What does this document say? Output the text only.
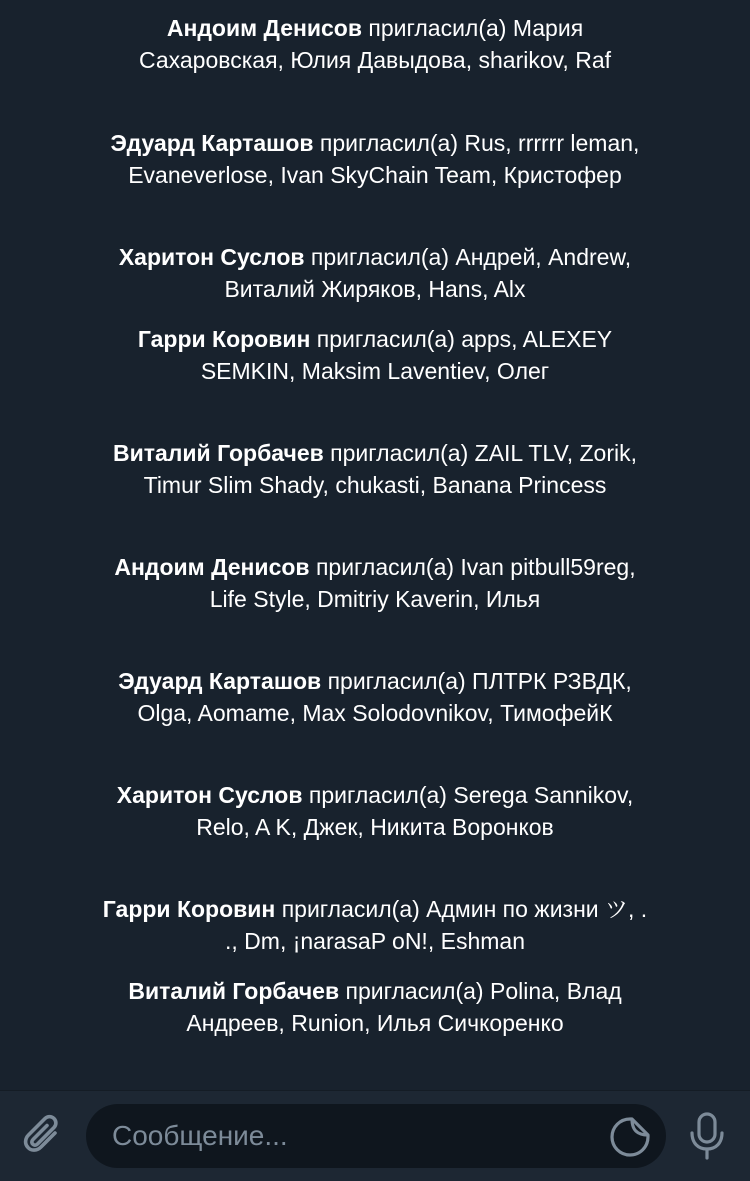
Андоим Денисов пригласил(а) Мария Сахаровская, Юлия Давыдова, sharikov, Raf
Эдуард Карташов пригласил(а) Rus, rrrrrr leman, Evaneverlose, Ivan SkyChain Team, Кристофер
Харитон Суслов пригласил(а) Андрей, Andrew, Виталий Жиряков, Hans, Alx
Гарри Коровин пригласил(а) apps, ALEXEY SEMKIN, Maksim Laventiev, Олег
Виталий Горбачев пригласил(а) ZAIL TLV, Zorik, Timur Slim Shady, chukasti, Banana Princess
Андоим Денисов пригласил(а) Ivan pitbull59reg, Life Style, Dmitriy Kaverin, Илья
Эдуард Карташов пригласил(а) ПЛТРК РЗВДК, Olga, Aomame, Max Solodovnikov, ТимофейК
Харитон Суслов пригласил(а) Serega Sannikov, Relo, A K, Джек, Никита Воронков
Гарри Коровин пригласил(а) Админ по жизни ツ, . ., Dm, ¡narasaP oN!, Eshman
Виталий Горбачев пригласил(а) Polina, Влад Андреев, Runion, Илья Сичкоренко
Сообщение...
